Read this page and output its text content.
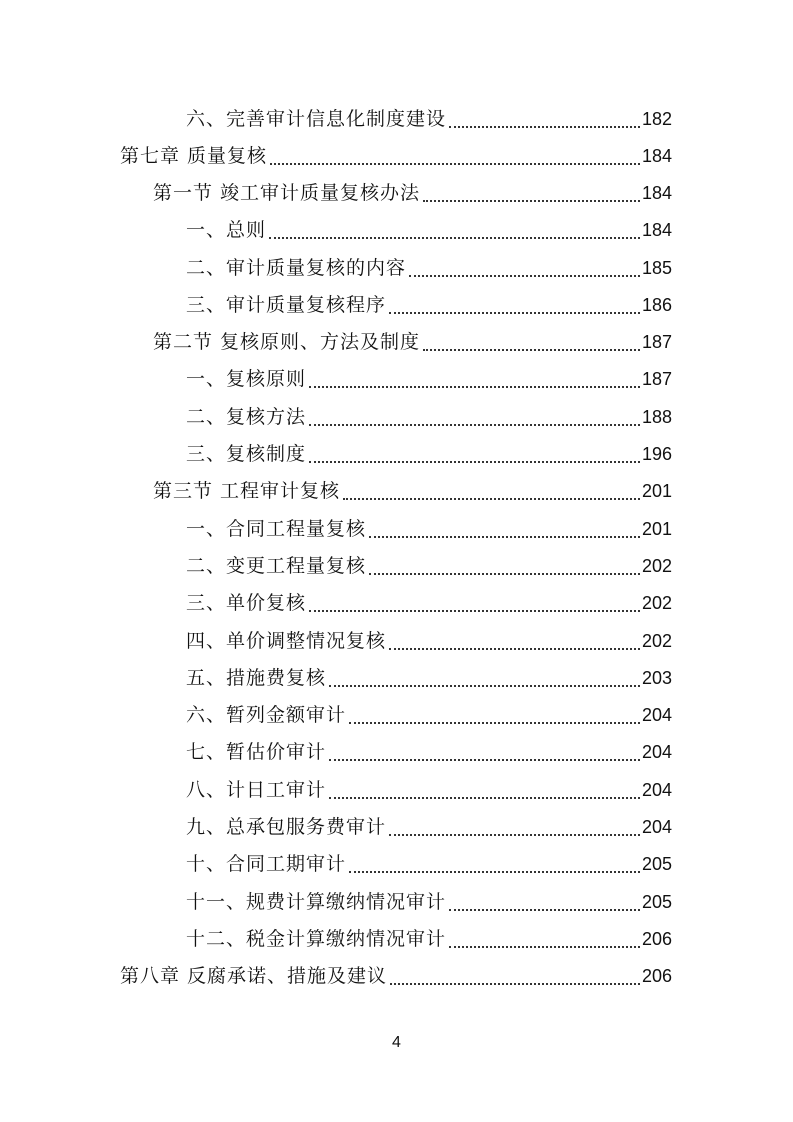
六、完善审计信息化制度建设	182
第七章 质量复核	184
第一节 竣工审计质量复核办法	184
一、总则	184
二、审计质量复核的内容	185
三、审计质量复核程序	186
第二节 复核原则、方法及制度	187
一、复核原则	187
二、复核方法	188
三、复核制度	196
第三节 工程审计复核	201
一、合同工程量复核	201
二、变更工程量复核	202
三、单价复核	202
四、单价调整情况复核	202
五、措施费复核	203
六、暂列金额审计	204
七、暂估价审计	204
八、计日工审计	204
九、总承包服务费审计	204
十、合同工期审计	205
十一、规费计算缴纳情况审计	205
十二、税金计算缴纳情况审计	206
第八章 反腐承诺、措施及建议	206
4
